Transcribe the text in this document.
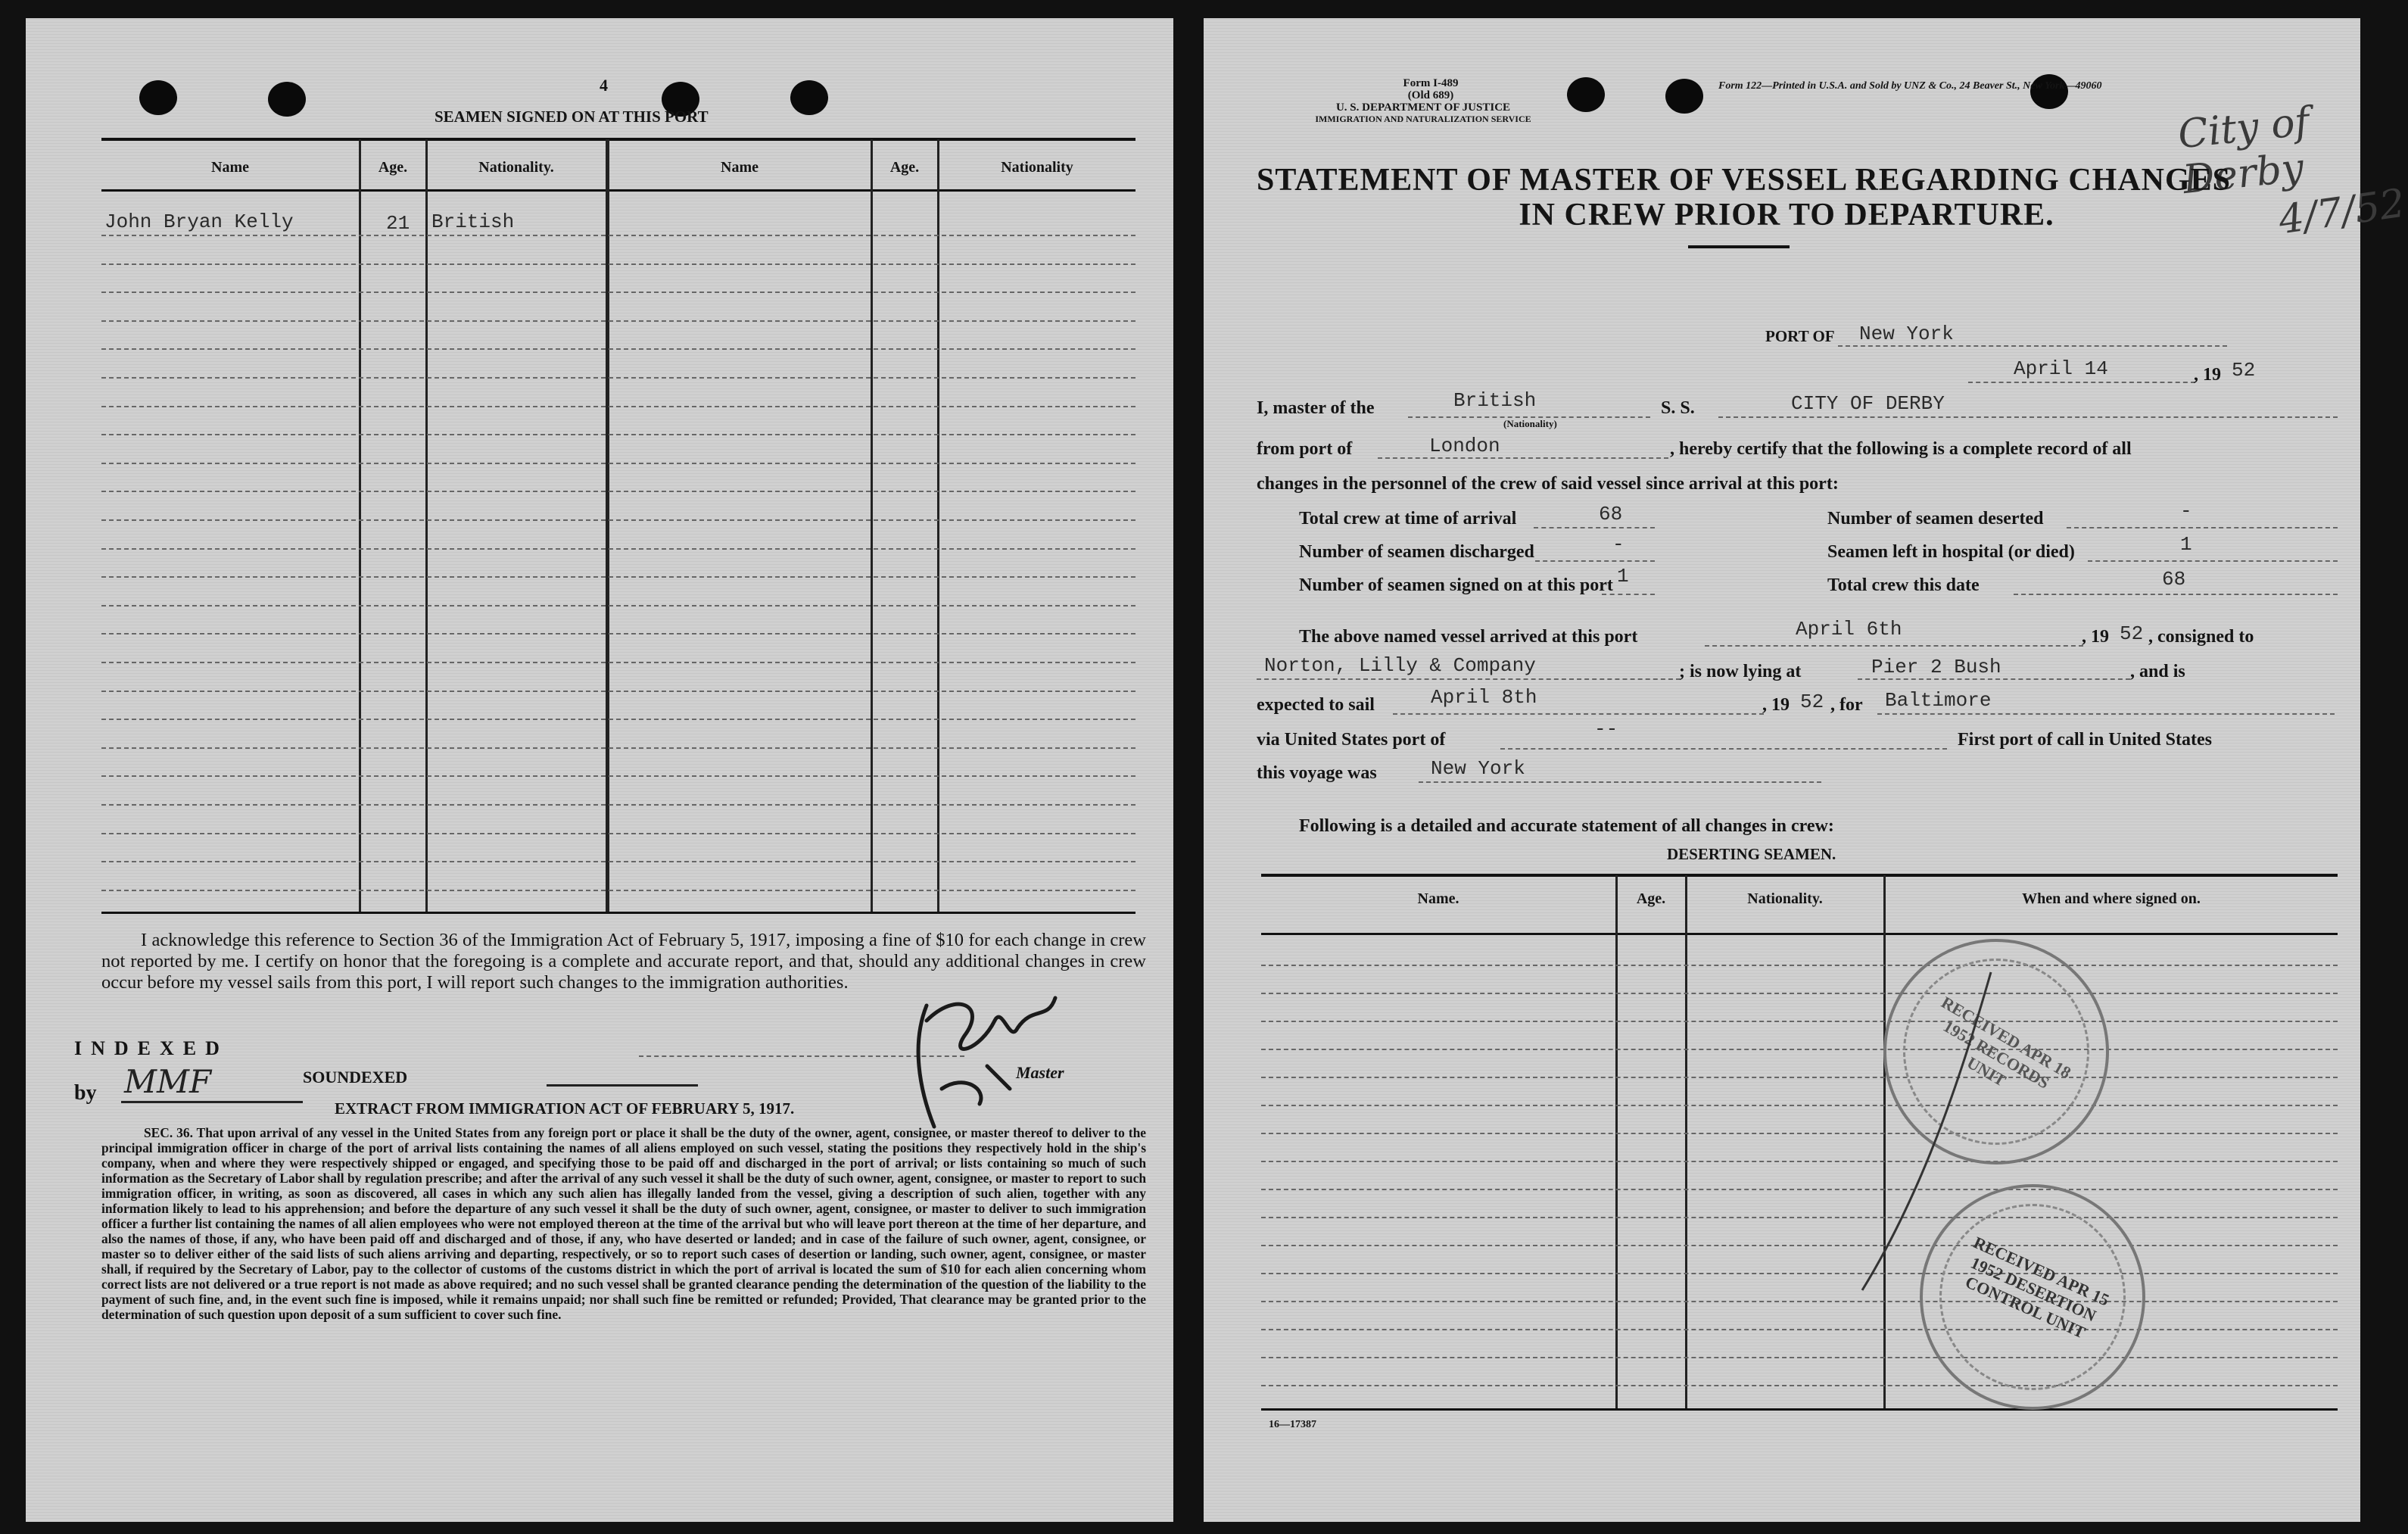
4
SEAMEN SIGNED ON AT THIS PORT
Name	Age.	Nationality.	Name	Age.	Nationality
John Bryan Kelly	21 British
I acknowledge this reference to Section 36 of the Immigration Act of February 5, 1917, imposing a fine of $10 for each change in crew not reported by me. I certify on honor that the foregoing is a complete and accurate report, and that, should any additional changes in crew occur before my vessel sails from this port, I will report such changes to the immigration authorities.
INDEXED
by MMF	SOUNDEXED	Master
EXTRACT FROM IMMIGRATION ACT OF FEBRUARY 5, 1917.
SEC. 36. That upon arrival of any vessel in the United States from any foreign port or place it shall be the duty of the owner, agent, consignee, or master thereof to deliver to the principal immigration officer in charge of the port of arrival lists containing the names of all aliens employed on such vessel, stating the positions they respectively hold in the ship's company, when and where they were respectively shipped or engaged, and specifying those to be paid off and discharged in the port of arrival; or lists containing so much of such information as the Secretary of Labor shall by regulation prescribe; and after the arrival of any such vessel it shall be the duty of such owner, agent, consignee, or master to report to such immigration officer, in writing, as soon as discovered, all cases in which any such alien has illegally landed from the vessel, giving a description of such alien, together with any information likely to lead to his apprehension; and before the departure of any such vessel it shall be the duty of such owner, agent, consignee, or master to deliver to such immigration officer a further list containing the names of all alien employees who were not employed thereon at the time of the arrival but who will leave port thereon at the time of her departure, and also the names of those, if any, who have been paid off and discharged and of those, if any, who have deserted or landed; and in case of the failure of such owner, agent, consignee, or master so to deliver either of the said lists of such aliens arriving and departing, respectively, or so to report such cases of desertion or landing, such owner, agent, consignee, or master shall, if required by the Secretary of Labor, pay to the collector of customs of the customs district in which the port of arrival is located the sum of $10 for each alien concerning whom correct lists are not delivered or a true report is not made as above required; and no such vessel shall be granted clearance pending the determination of the question of the liability to the payment of such fine, and, in the event such fine is imposed, while it remains unpaid; nor shall such fine be remitted or refunded; Provided, That clearance may be granted prior to the determination of such question upon deposit of a sum sufficient to cover such fine.
Form I-489
(Old 689)
U. S. DEPARTMENT OF JUSTICE
IMMIGRATION AND NATURALIZATION SERVICE
Form 122—Printed in U.S.A. and Sold by UNZ & Co., 24 Beaver St., New York—49060
City of Derby
4/7/52
STATEMENT OF MASTER OF VESSEL REGARDING CHANGES
IN CREW PRIOR TO DEPARTURE.
PORT OF New York
April 14	, 19 52
I, master of the	British
(Nationality)
S. S.	CITY OF DERBY
from port of	London	, hereby certify that the following is a complete record of all
changes in the personnel of the crew of said vessel since arrival at this port:
Total crew at time of arrival	68	Number of seamen deserted	-
Number of seamen discharged	-	Seamen left in hospital (or died)	1
Number of seamen signed on at this port 1	Total crew this date	68
The above named vessel arrived at this port	April 6th	, 19 52 , consigned to
Norton, Lilly & Company	; is now lying at	Pier 2 Bush	, and is
expected to sail	April 8th	, 19 52 , for Baltimore
via United States port of	--	First port of call in United States
this voyage was	New York
Following is a detailed and accurate statement of all changes in crew:
DESERTING SEAMEN.
Name.	Age.	Nationality.	When and where signed on.
16—17387
RECEIVED APR 18 1952 RECORDS UNIT
RECEIVED APR 15 1952 DESERTION CONTROL UNIT
